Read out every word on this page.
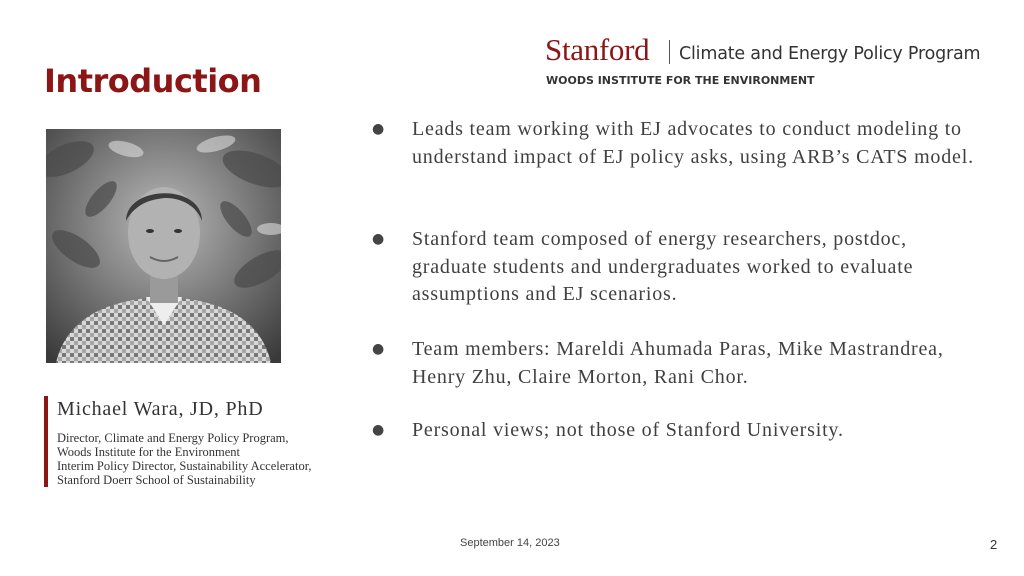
Introduction
Stanford Climate and Energy Policy Program
WOODS INSTITUTE FOR THE ENVIRONMENT
Michael Wara, JD, PhD
Director, Climate and Energy Policy Program,
Woods Institute for the Environment
Interim Policy Director, Sustainability Accelerator,
Stanford Doerr School of Sustainability
● Leads team working with EJ advocates to conduct modeling to understand impact of EJ policy asks, using ARB’s CATS model.
● Stanford team composed of energy researchers, postdoc, graduate students and undergraduates worked to evaluate assumptions and EJ scenarios.
● Team members: Mareldi Ahumada Paras, Mike Mastrandrea, Henry Zhu, Claire Morton, Rani Chor.
● Personal views; not those of Stanford University.
September 14, 2023	2
